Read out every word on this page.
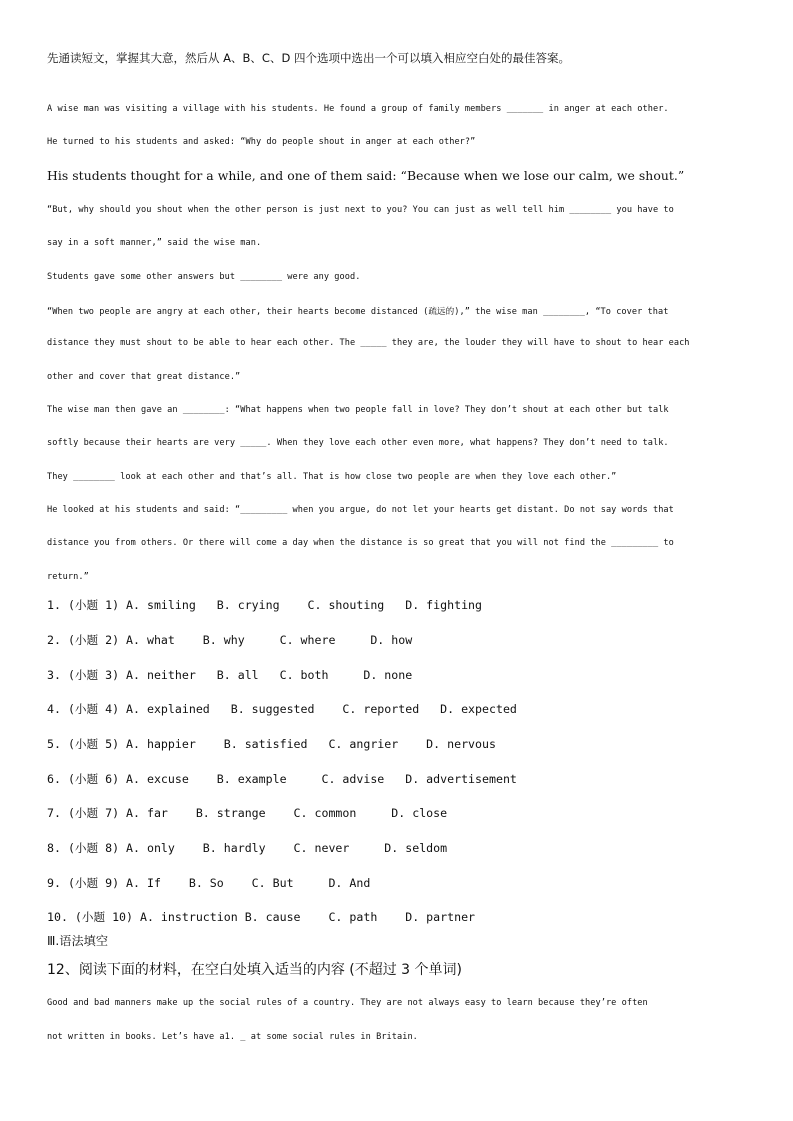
先通读短文，掌握其大意，然后从 A、B、C、D 四个选项中选出一个可以填入相应空白处的最佳答案。
A wise man was visiting a village with his students. He found a group of family members _______ in anger at each other.
He turned to his students and asked: “Why do people shout in anger at each other?”
His students thought for a while, and one of them said: “Because when we lose our calm, we shout.”
“But, why should you shout when the other person is just next to you? You can just as well tell him ________ you have to
say in a soft manner,” said the wise man.
Students gave some other answers but ________ were any good.
“When two people are angry at each other, their hearts become distanced (疏远的),” the wise man ________, “To cover that
distance they must shout to be able to hear each other. The _____ they are, the louder they will have to shout to hear each
other and cover that great distance.”
The wise man then gave an ________: “What happens when two people fall in love? They don’t shout at each other but talk
softly because their hearts are very _____. When they love each other even more, what happens? They don’t need to talk.
They ________ look at each other and that’s all. That is how close two people are when they love each other.”
He looked at his students and said: “_________ when you argue, do not let your hearts get distant. Do not say words that
distance you from others. Or there will come a day when the distance is so great that you will not find the _________ to
return.”
1. (小题 1) A. smiling   B. crying    C. shouting   D. fighting
2. (小题 2) A. what    B. why     C. where     D. how
3. (小题 3) A. neither   B. all   C. both     D. none
4. (小题 4) A. explained   B. suggested    C. reported   D. expected
5. (小题 5) A. happier    B. satisfied   C. angrier    D. nervous
6. (小题 6) A. excuse    B. example     C. advise   D. advertisement
7. (小题 7) A. far    B. strange    C. common     D. close
8. (小题 8) A. only    B. hardly    C. never     D. seldom
9. (小题 9) A. If    B. So    C. But     D. And
10. (小题 10) A. instruction B. cause    C. path    D. partner
Ⅲ.语法填空
12、阅读下面的材料，在空白处填入适当的内容 (不超过 3 个单词)
Good and bad manners make up the social rules of a country. They are not always easy to learn because they’re often
not written in books. Let’s have a1. _ at some social rules in Britain.
